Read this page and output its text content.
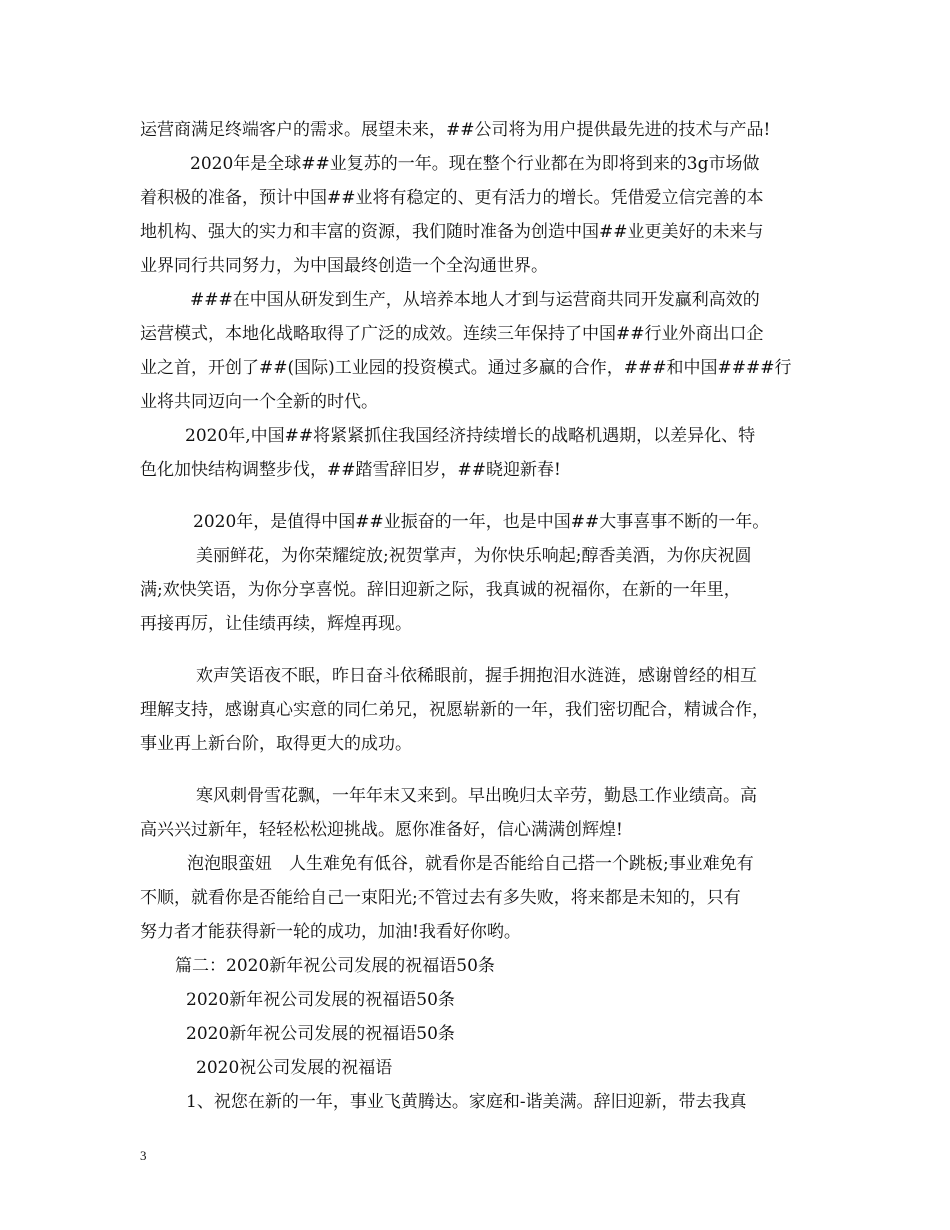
运营商满足终端客户的需求。展望未来，##公司将为用户提供最先进的技术与产品!
2020年是全球##业复苏的一年。现在整个行业都在为即将到来的3g市场做
着积极的准备，预计中国##业将有稳定的、更有活力的增长。凭借爱立信完善的本
地机构、强大的实力和丰富的资源，我们随时准备为创造中国##业更美好的未来与
业界同行共同努力，为中国最终创造一个全沟通世界。
###在中国从研发到生产，从培养本地人才到与运营商共同开发赢利高效的
运营模式，本地化战略取得了广泛的成效。连续三年保持了中国##行业外商出口企
业之首，开创了##(国际)工业园的投资模式。通过多赢的合作，###和中国####行
业将共同迈向一个全新的时代。
2020年,中国##将紧紧抓住我国经济持续增长的战略机遇期，以差异化、特
色化加快结构调整步伐，##踏雪辞旧岁，##晓迎新春!
2020年，是值得中国##业振奋的一年，也是中国##大事喜事不断的一年。
美丽鲜花，为你荣耀绽放;祝贺掌声，为你快乐响起;醇香美酒，为你庆祝圆
满;欢快笑语，为你分享喜悦。辞旧迎新之际，我真诚的祝福你，在新的一年里，
再接再厉，让佳绩再续，辉煌再现。
欢声笑语夜不眠，昨日奋斗依稀眼前，握手拥抱泪水涟涟，感谢曾经的相互
理解支持，感谢真心实意的同仁弟兄，祝愿崭新的一年，我们密切配合，精诚合作，
事业再上新台阶，取得更大的成功。
寒风刺骨雪花飘，一年年末又来到。早出晚归太辛劳，勤恳工作业绩高。高
高兴兴过新年，轻轻松松迎挑战。愿你准备好，信心满满创辉煌!
泡泡眼蛮妞　人生难免有低谷，就看你是否能给自己搭一个跳板;事业难免有
不顺，就看你是否能给自己一束阳光;不管过去有多失败，将来都是未知的，只有
努力者才能获得新一轮的成功，加油!我看好你哟。
篇二：2020新年祝公司发展的祝福语50条
2020新年祝公司发展的祝福语50条
2020新年祝公司发展的祝福语50条
2020祝公司发展的祝福语
1、祝您在新的一年，事业飞黄腾达。家庭和-谐美满。辞旧迎新，带去我真
3
